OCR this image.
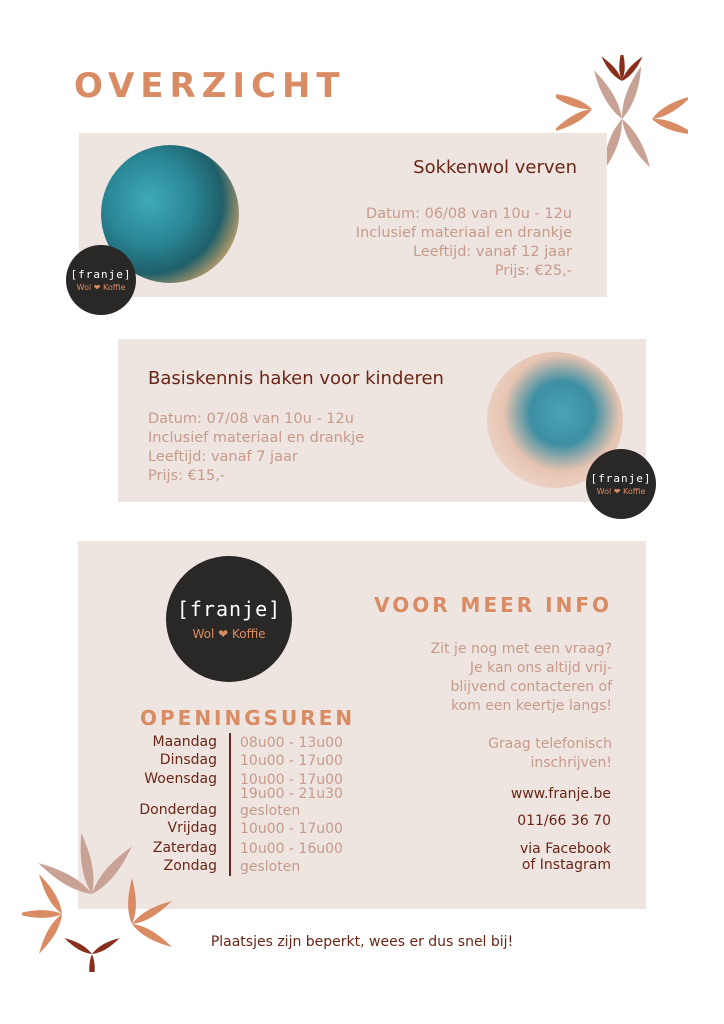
OVERZICHT
[franje]
Wol ❤ Koffie
Sokkenwol verven
Datum: 06/08 van 10u - 12u
Inclusief materiaal en drankje
Leeftijd: vanaf 12 jaar
Prijs: €25,-
[franje]
Wol ❤ Koffie
Basiskennis haken voor kinderen
Datum: 07/08 van 10u - 12u
Inclusief materiaal en drankje
Leeftijd: vanaf 7 jaar
Prijs: €15,-
[franje]
Wol ❤ Koffie
VOOR MEER INFO
Zit je nog met een vraag?
Je kan ons altijd vrij-
blijvend contacteren of
kom een keertje langs!
Graag telefonisch
inschrijven!
www.franje.be
011/66 36 70
via Facebook
of Instagram
OPENINGSUREN
Maandag 08u00 - 13u00
Dinsdag 10u00 - 17u00
Woensdag 10u00 - 17u00
19u00 - 21u30
Donderdag gesloten
Vrijdag 10u00 - 17u00
Zaterdag 10u00 - 16u00
Zondag gesloten
Plaatsjes zijn beperkt, wees er dus snel bij!
